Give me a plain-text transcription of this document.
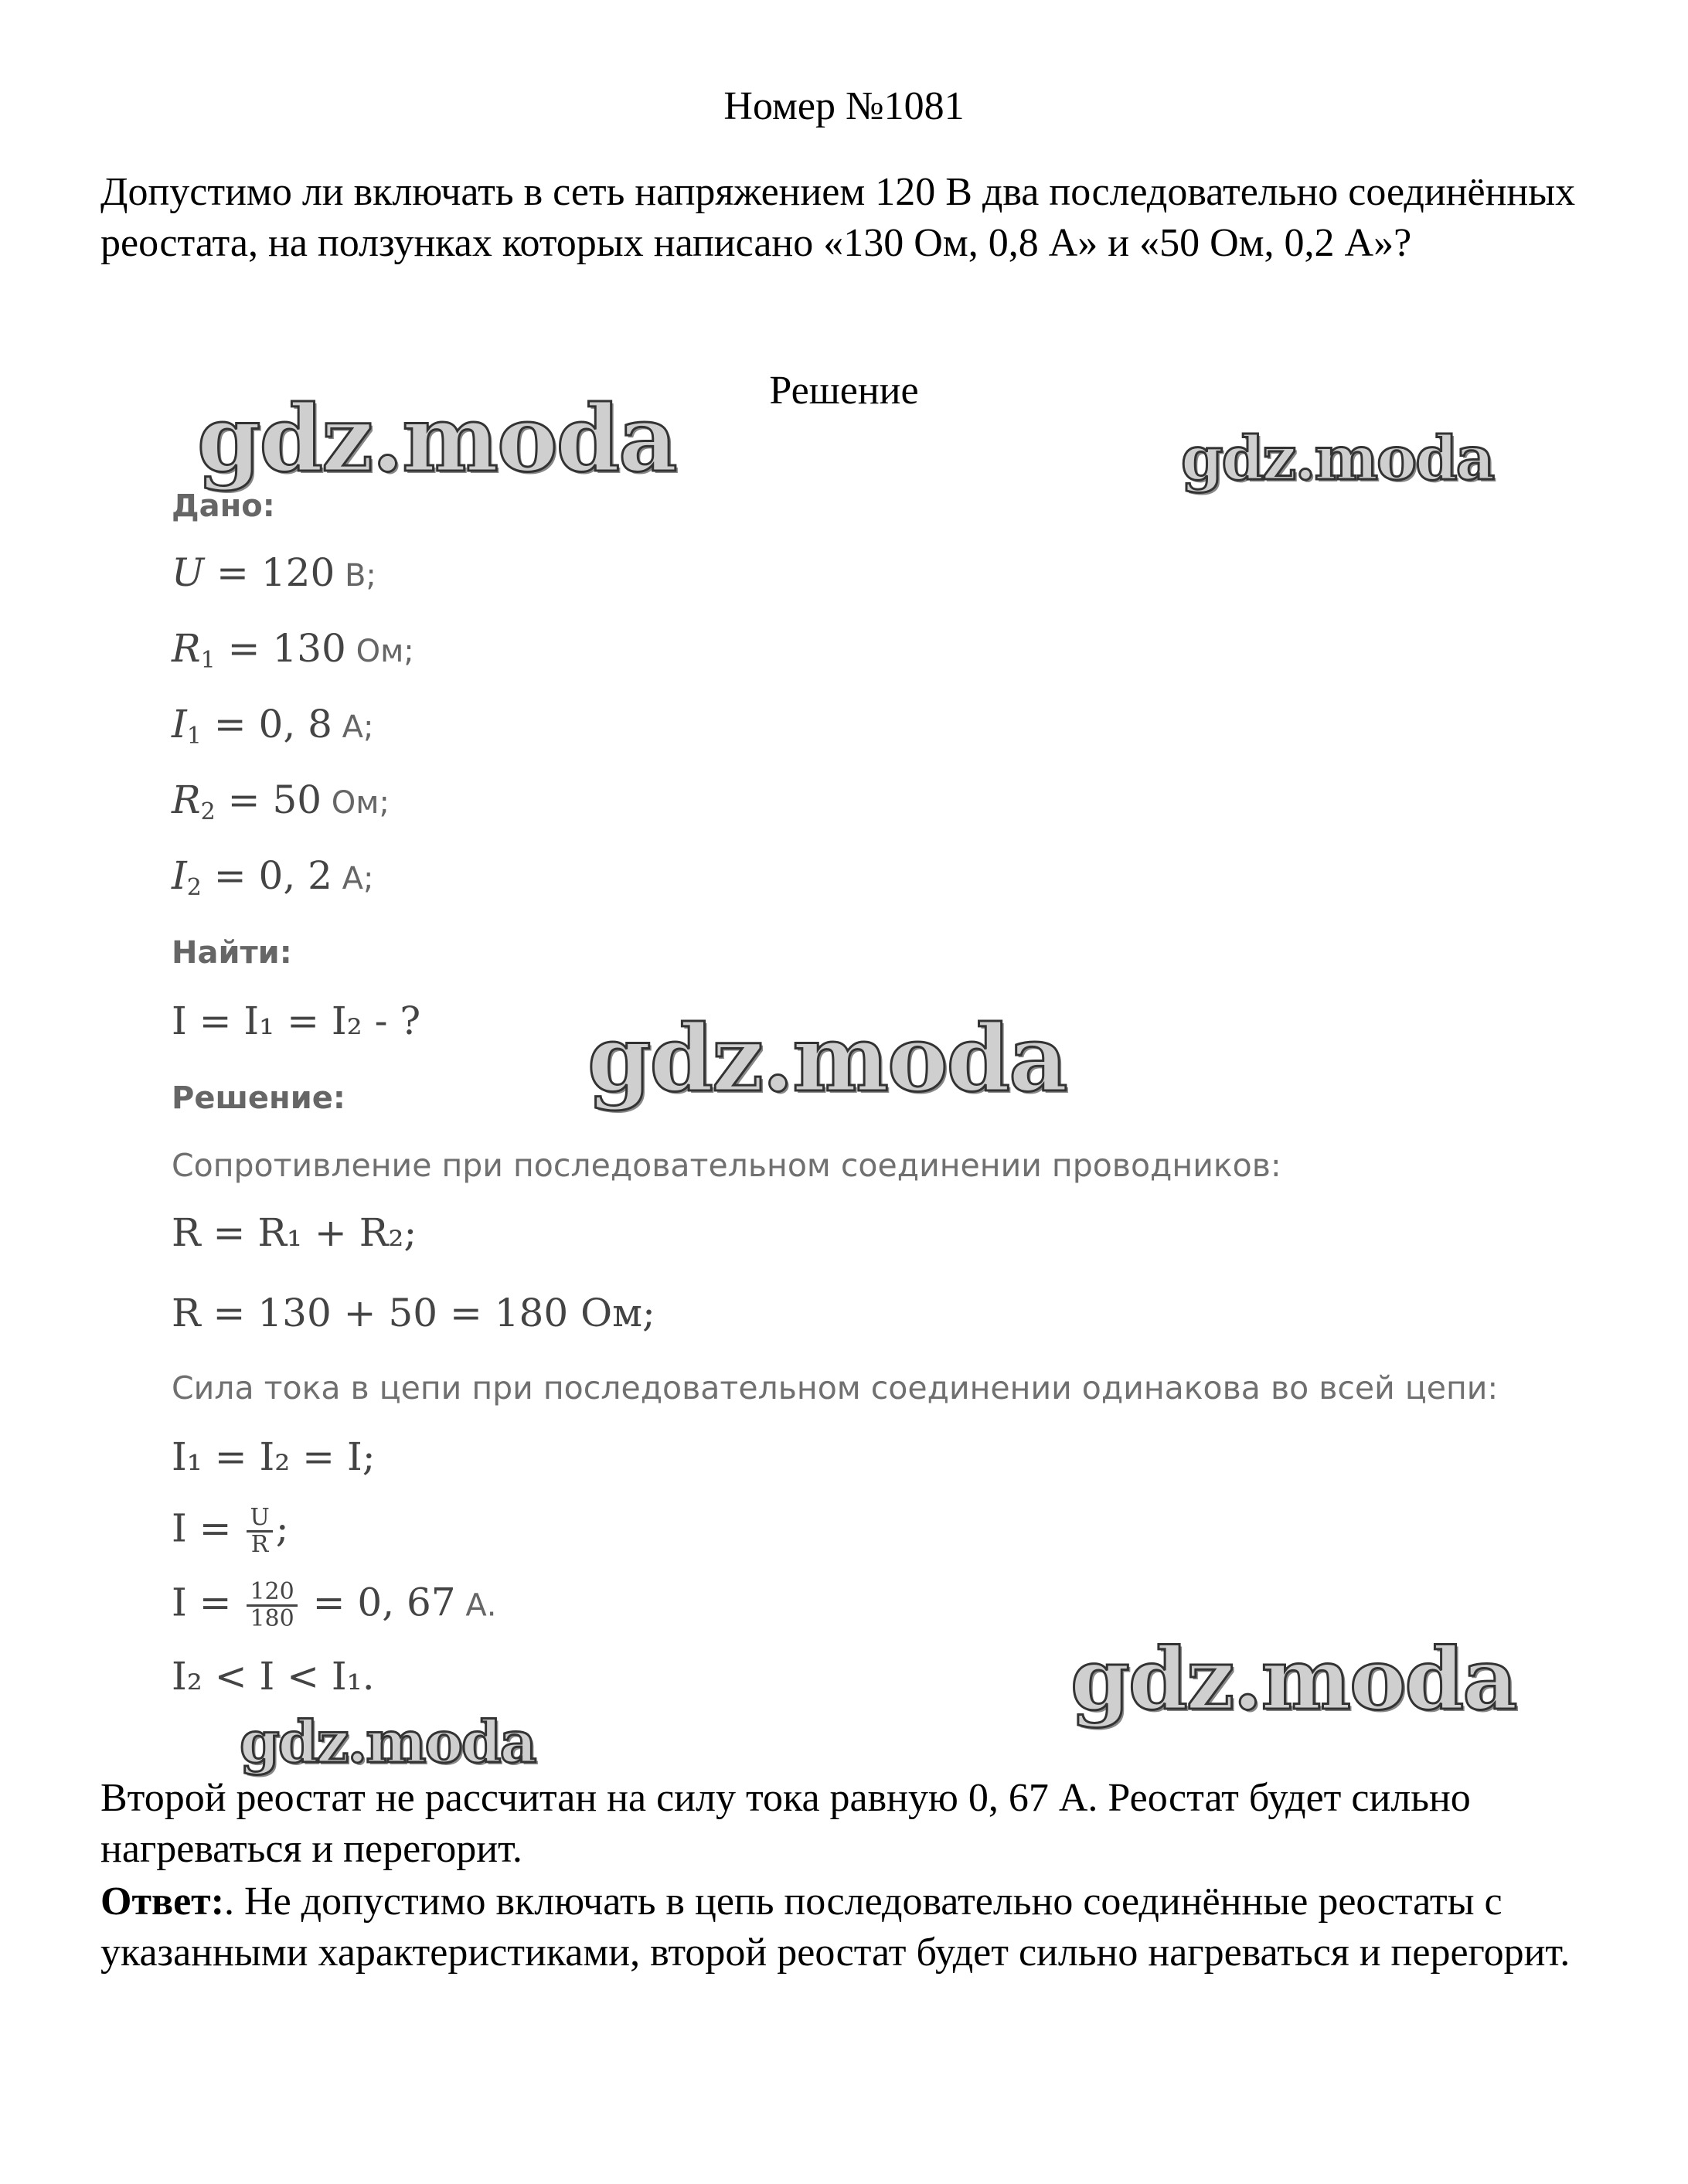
Номер №1081
Допустимо ли включать в сеть напряжением 120 В два последовательно соединённых реостата, на ползунках которых написано «130 Ом, 0,8 А» и «50 Ом, 0,2 А»?
Решение
gdz.moda	gdz.moda
gdz.moda
gdz.moda
gdz.moda
Дано:
U = 120 В;
$R_1 = 130$ Ом;
$I_1 = 0$, 8 А;
$R_2 = 50$ Ом;
$I_2 = 0$, 2 А;
Найти:
I = I₁ = I₂ - ?
Решение:
Сопротивление при последовательном соединении проводников:
R = R₁ + R₂;
R = 130 + 50 = 180 Ом;
Сила тока в цепи при последовательном соединении одинакова во всей цепи:
I₁ = I₂ = I;
$I = \frac{U}{R}$ ;
$I = \frac{120}{180} = 0$, 67 А.
I₂ < I < I₁.
Второй реостат не рассчитан на силу тока равную 0, 67 А. Реостат будет сильно нагреваться и перегорит.
Ответ:. Не допустимо включать в цепь последовательно соединённые реостаты с указанными характеристиками, второй реостат будет сильно нагреваться и перегорит.
